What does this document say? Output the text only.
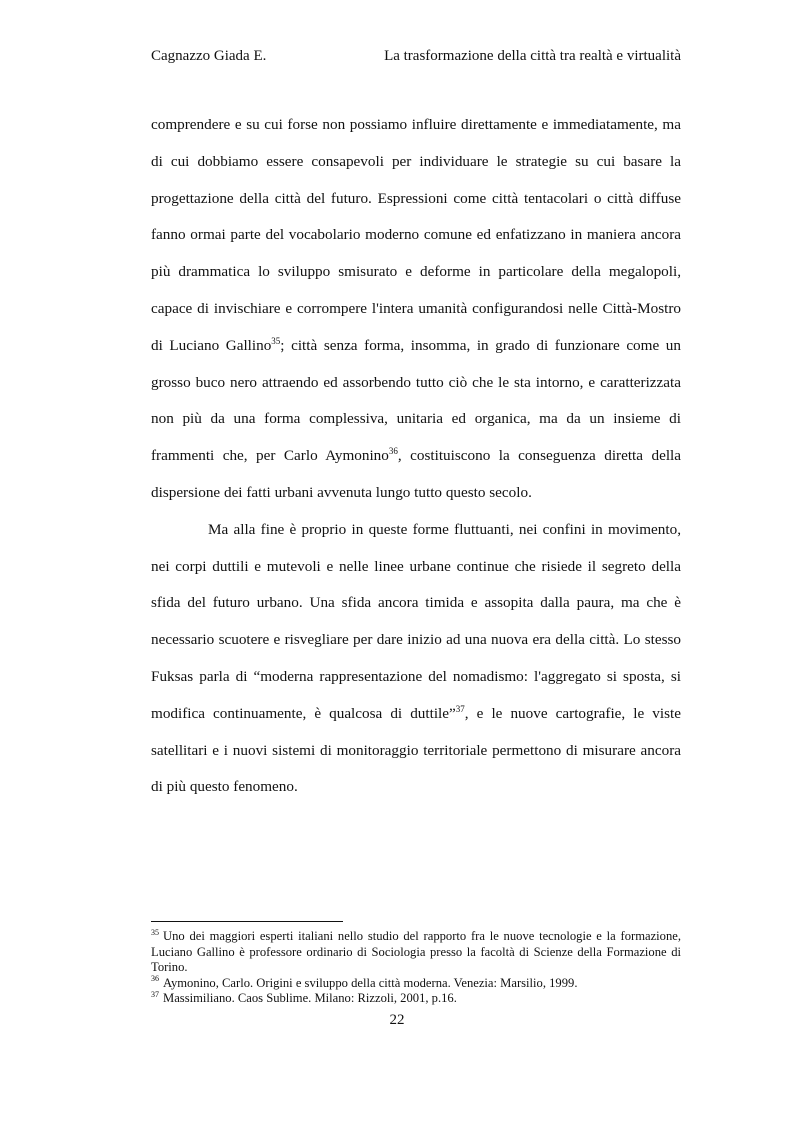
Cagnazzo Giada E.	La trasformazione della città tra realtà e virtualità

comprendere e su cui forse non possiamo influire direttamente e immediatamente, ma di cui dobbiamo essere consapevoli per individuare le strategie su cui basare la progettazione della città del futuro. Espressioni come città tentacolari o città diffuse fanno ormai parte del vocabolario moderno comune ed enfatizzano in maniera ancora più drammatica lo sviluppo smisurato e deforme in particolare della megalopoli, capace di invischiare e corrompere l'intera umanità configurandosi nelle Città-Mostro di Luciano Gallino$^{35}$; città senza forma, insomma, in grado di funzionare come un grosso buco nero attraendo ed assorbendo tutto ciò che le sta intorno, e caratterizzata non più da una forma complessiva, unitaria ed organica, ma da un insieme di frammenti che, per Carlo Aymonino$^{36}$, costituiscono la conseguenza diretta della dispersione dei fatti urbani avvenuta lungo tutto questo secolo.

Ma alla fine è proprio in queste forme fluttuanti, nei confini in movimento, nei corpi duttili e mutevoli e nelle linee urbane continue che risiede il segreto della sfida del futuro urbano. Una sfida ancora timida e assopita dalla paura, ma che è necessario scuotere e risvegliare per dare inizio ad una nuova era della città. Lo stesso Fuksas parla di “moderna rappresentazione del nomadismo: l'aggregato si sposta, si modifica continuamente, è qualcosa di duttile”$^{37}$, e le nuove cartografie, le viste satellitari e i nuovi sistemi di monitoraggio territoriale permettono di misurare ancora di più questo fenomeno.

$^{35}$ Uno dei maggiori esperti italiani nello studio del rapporto fra le nuove tecnologie e la formazione, Luciano Gallino è professore ordinario di Sociologia presso la facoltà di Scienze della Formazione di Torino.

$^{36}$ Aymonino, Carlo. Origini e sviluppo della città moderna. Venezia: Marsilio, 1999.

$^{37}$ Massimiliano. Caos Sublime. Milano: Rizzoli, 2001, p.16.

22
